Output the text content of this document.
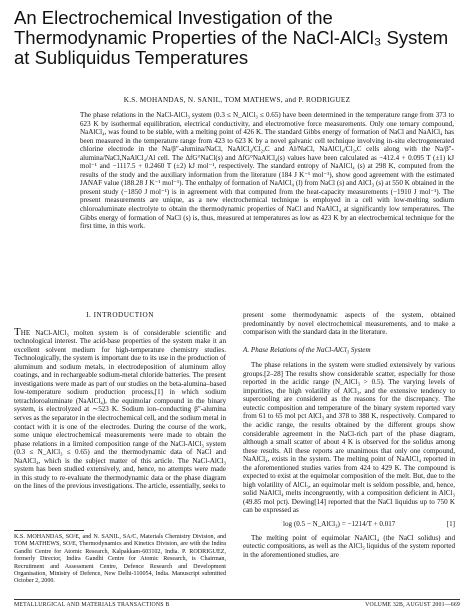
An Electrochemical Investigation of the Thermodynamic Properties of the NaCl-AlCl₃ System at Subliquidus Temperatures
K.S. MOHANDAS, N. SANIL, TOM MATHEWS, and P. RODRIGUEZ

The phase relations in the NaCl-AlCl₃ system (0.3 ≤ N_AlCl₃ ≤ 0.65) have been determined in the temperature range from 373 to 623 K by isothermal equilibration, electrical conductivity, and electromotive force measurements. Only one ternary compound, NaAlCl₄, was found to be stable, with a melting point of 426 K. The standard Gibbs energy of formation of NaCl and NaAlCl₄ has been measured in the temperature range from 423 to 623 K by a novel galvanic cell technique involving in-situ electrogenerated chlorine electrode in the Na/β″-alumina/NaCl, NaAlCl₄/Cl₂,C and Al/NaCl, NaAlCl₄/Cl₂,C cells along with the Na/β″-alumina/NaCl,NaAlCl₄/Al cell. The ΔfG°NaCl(s) and ΔfG°NaAlCl₄(s) values have been calculated as −412.4 + 0.095 T (±1) kJ mol⁻¹ and −1117.5 + 0.2460 T (±2) kJ mol⁻¹, respectively. The standard entropy of NaAlCl₄ (s) at 298 K, computed from the results of the study and the auxiliary information from the literature (184 J K⁻¹ mol⁻¹), show good agreement with the estimated JANAF value (188.28 J K⁻¹ mol⁻¹). The enthalpy of formation of NaAlCl₄ (l) from NaCl (s) and AlCl₃ (s) at 550 K obtained in the present study (−1850 J mol⁻¹) is in agreement with that computed from the heat-capacity measurements (−1910 J mol⁻¹). The present measurements are unique, as a new electrochemical technique is employed in a cell with low-melting sodium chloroaluminate electrolyte to obtain the thermodynamic properties of NaCl and NaAlCl₄ at significantly low temperatures. The Gibbs energy of formation of NaCl (s) is, thus, measured at temperatures as low as 423 K by an electrochemical technique for the first time, in this work.

I. INTRODUCTION

THE NaCl-AlCl₃ molten system is of considerable scientific and technological interest. The acid-base properties of the system make it an excellent solvent medium for high-temperature chemistry studies. Technologically, the system is important due to its use in the production of aluminum and sodium metals, in electrodeposition of aluminum alloy coatings, and in rechargeable sodium-metal chloride batteries. The present investigations were made as part of our studies on the beta-alumina–based low-temperature sodium production process,[1] in which sodium tetrachloroaluminate (NaAlCl₄), the equimolar compound in the binary system, is electrolyzed at ∼523 K. Sodium ion–conducting β″-alumina serves as the separator in the electrochemical cell, and the sodium metal in contact with it is one of the electrodes. During the course of the work, some unique electrochemical measurements were made to obtain the phase relations in a limited composition range of the NaCl-AlCl₃ system (0.3 ≤ N_AlCl₃ ≤ 0.65) and the thermodynamic data of NaCl and NaAlCl₄, which is the subject matter of this article. The NaCl-AlCl₃ system has been studied extensively, and, hence, no attempts were made in this study to re-evaluate the thermodynamic data or the phase diagram on the lines of the previous investigations. The article, essentially, seeks to

present some thermodynamic aspects of the system, obtained predominantly by novel electrochemical measurements, and to make a comparison with the standard data in the literature.

A. Phase Relations of the NaCl-AlCl₃ System

The phase relations in the system were studied extensively by various groups.[2–28] The results show considerable scatter, especially for those reported in the acidic range (N_AlCl₃ > 0.5). The varying levels of impurities, the high volatility of AlCl₃, and the extensive tendency to supercooling are considered as the reasons for the discrepancy. The eutectic composition and temperature of the binary system reported vary from 61 to 65 mol pct AlCl₃ and 378 to 388 K, respectively. Compared to the acidic range, the results obtained by the different groups show considerable agreement in the NaCl-rich part of the phase diagram, although a small scatter of about 4 K is observed for the solidus among these results. All these reports are unanimous that only one compound, NaAlCl₄, exists in the system. The melting point of NaAlCl₄ reported in the aforementioned studies varies from 424 to 429 K. The compound is expected to exist at the equimolar composition of the melt. But, due to the high volatility of AlCl₃, an equimolar melt is seldom possible, and, hence, solid NaAlCl₄ melts incongruently, with a composition deficient in AlCl₃ (49.85 mol pct). Dewing[14] reported that the NaCl liquidus up to 750 K can be expressed as

log (0.5 − N_AlCl₃) = −1214/T + 0.017	[1]

The melting point of equimolar NaAlCl₄ (the NaCl solidus) and eutectic compositions, as well as the AlCl₃ liquidus of the system reported in the aforementioned studies, are

K.S. MOHANDAS, SO/E, and N. SANIL, SA/C, Materials Chemistry Division, and TOM MATHEWS, SO/E, Thermodynamics and Kinetics Division, are with the Indira Gandhi Centre for Atomic Research, Kalpakkam-603102, India. P. RODRIGUEZ, formerly Director, Indira Gandhi Centre for Atomic Research, is Chairman, Recruitment and Assessment Centre, Defence Research and Development Organisation, Ministry of Defence, New Delhi-110054, India. Manuscript submitted October 2, 2000.

METALLURGICAL AND MATERIALS TRANSACTIONS B	VOLUME 32B, AUGUST 2001—669
